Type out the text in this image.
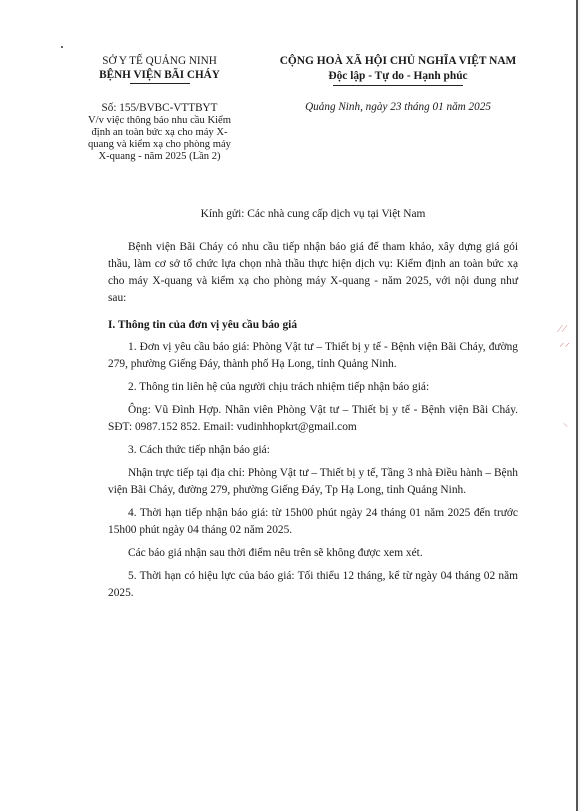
⁄ ⁄
⸝⸝
⸜
SỞ Y TẾ QUẢNG NINH
BỆNH VIỆN BÃI CHÁY
Số: 155/BVBC-VTTBYT
V/v việc thông báo nhu cầu Kiểm định an toàn bức xạ cho máy X- quang và kiểm xạ cho phòng máy X-quang - năm 2025 (Lần 2)
CỘNG HOÀ XÃ HỘI CHỦ NGHĨA VIỆT NAM
Độc lập - Tự do - Hạnh phúc
Quảng Ninh, ngày 23 tháng 01 năm 2025

Kính gửi: Các nhà cung cấp dịch vụ tại Việt Nam

Bệnh viện Bãi Cháy có nhu cầu tiếp nhận báo giá để tham khảo, xây dựng giá gói thầu, làm cơ sở tổ chức lựa chọn nhà thầu thực hiện dịch vụ: Kiểm định an toàn bức xạ cho máy X-quang và kiểm xạ cho phòng máy X-quang - năm 2025, với nội dung như sau:

I. Thông tin của đơn vị yêu cầu báo giá

1. Đơn vị yêu cầu báo giá: Phòng Vật tư – Thiết bị y tế - Bệnh viện Bãi Cháy, đường 279, phường Giếng Đáy, thành phố Hạ Long, tỉnh Quảng Ninh.

2. Thông tin liên hệ của người chịu trách nhiệm tiếp nhận báo giá:

Ông: Vũ Đình Hợp. Nhân viên Phòng Vật tư – Thiết bị y tế - Bệnh viện Bãi Cháy. SĐT: 0987.152 852. Email: vudinhhopkrt@gmail.com

3. Cách thức tiếp nhận báo giá:

Nhận trực tiếp tại địa chỉ: Phòng Vật tư – Thiết bị y tế, Tầng 3 nhà Điều hành – Bệnh viện Bãi Cháy, đường 279, phường Giếng Đáy, Tp Hạ Long, tỉnh Quảng Ninh.

4. Thời hạn tiếp nhận báo giá: từ 15h00 phút ngày 24 tháng 01 năm 2025 đến trước 15h00 phút ngày 04 tháng 02 năm 2025.

Các báo giá nhận sau thời điểm nêu trên sẽ không được xem xét.

5. Thời hạn có hiệu lực của báo giá: Tối thiểu 12 tháng, kể từ ngày 04 tháng 02 năm 2025.
